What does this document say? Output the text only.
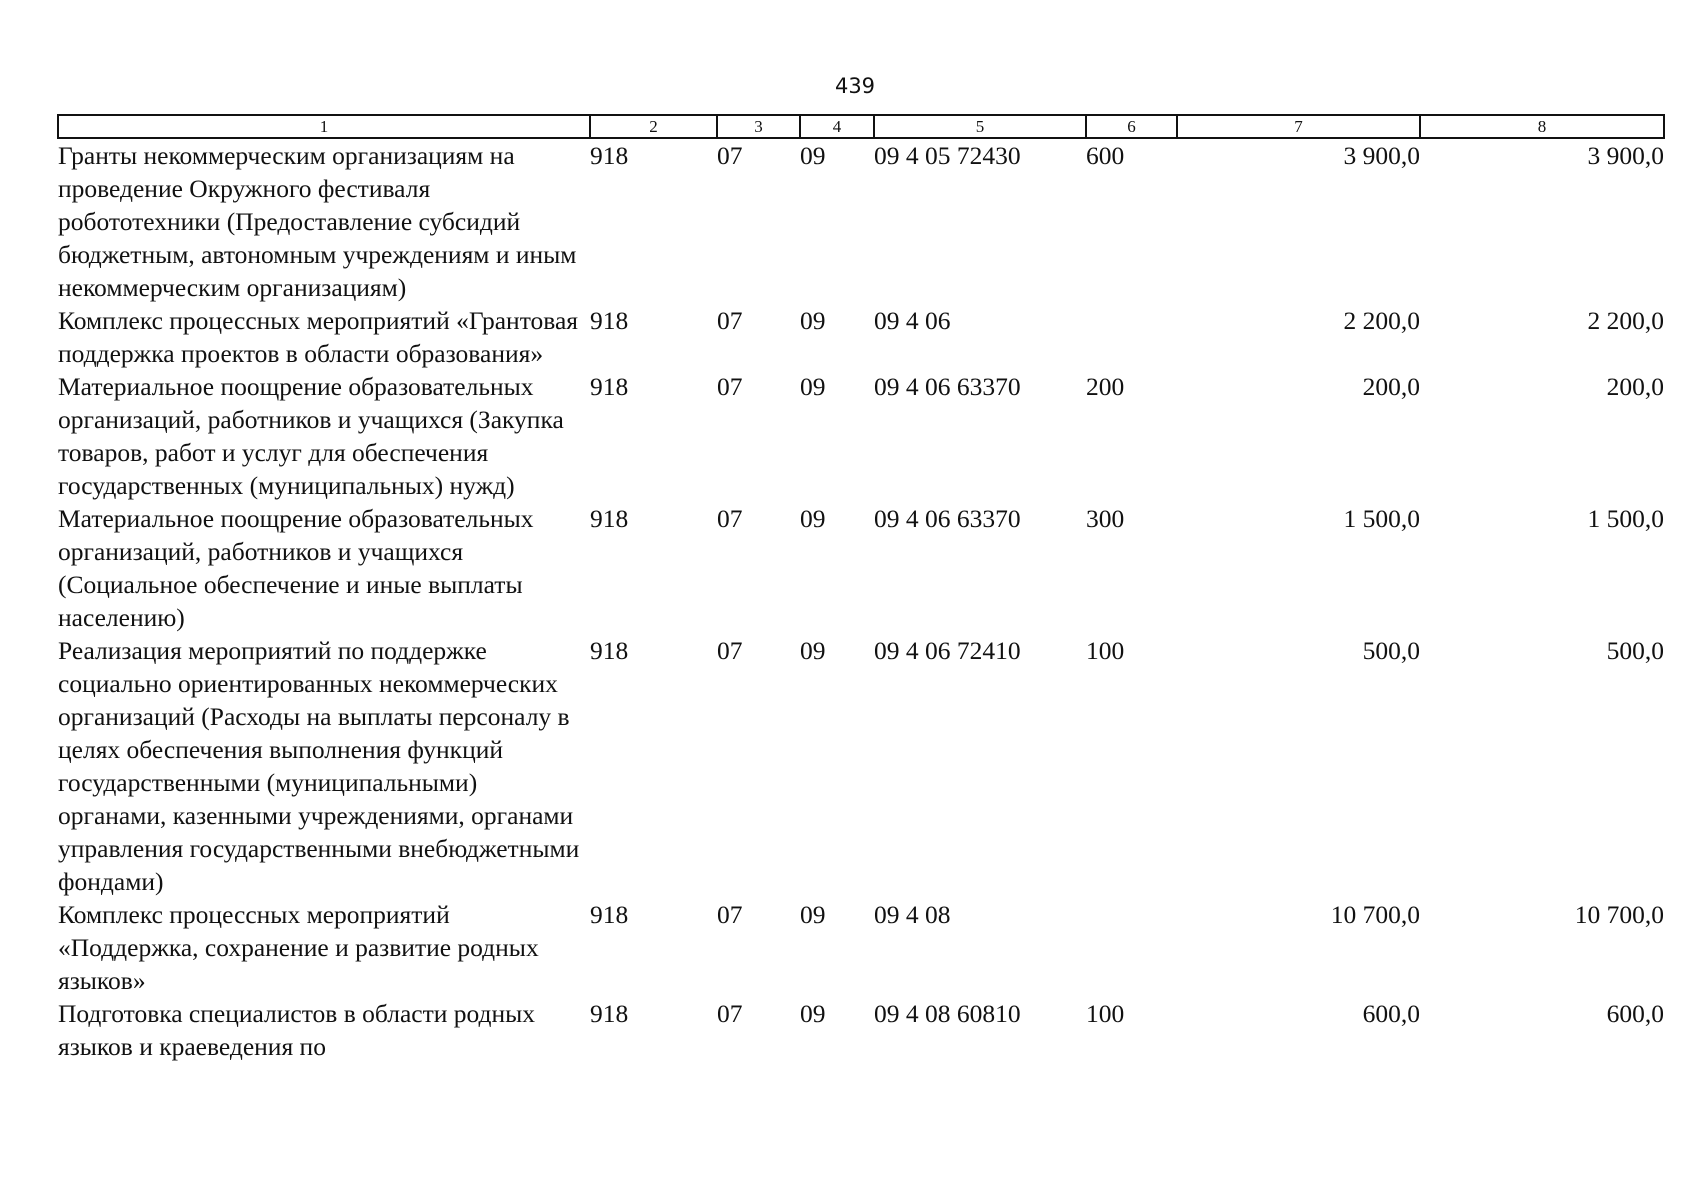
439
1	2	3	4	5	6	7	8
Гранты некоммерческим организациям на проведение Окружного фестиваля робототехники (Предоставление субсидий бюджетным, автономным учреждениям и иным некоммерческим организациям)	918	07	09	09 4 05 72430	600	3 900,0	3 900,0
Комплекс процессных мероприятий «Грантовая поддержка проектов в области образования»	918	07	09	09 4 06		2 200,0	2 200,0
Материальное поощрение образовательных организаций, работников и учащихся (Закупка товаров, работ и услуг для обеспечения государственных (муниципальных) нужд)	918	07	09	09 4 06 63370	200	200,0	200,0
Материальное поощрение образовательных организаций, работников и учащихся (Социальное обеспечение и иные выплаты населению)	918	07	09	09 4 06 63370	300	1 500,0	1 500,0
Реализация мероприятий по поддержке социально ориентированных некоммерческих организаций (Расходы на выплаты персоналу в целях обеспечения выполнения функций государственными (муниципальными) органами, казенными учреждениями, органами управления государственными внебюджетными фондами)	918	07	09	09 4 06 72410	100	500,0	500,0
Комплекс процессных мероприятий «Поддержка, сохранение и развитие родных языков»	918	07	09	09 4 08		10 700,0	10 700,0
Подготовка специалистов в области родных языков и краеведения по	918	07	09	09 4 08 60810	100	600,0	600,0
